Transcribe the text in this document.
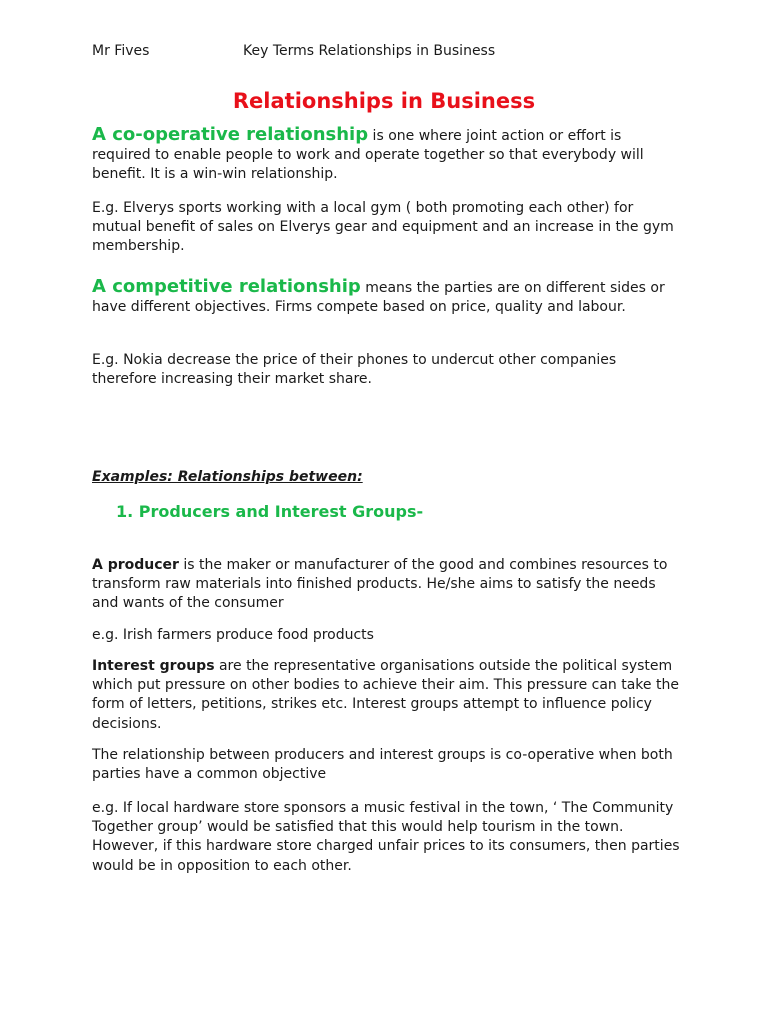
Mr Fives	Key Terms Relationships in Business
Relationships in Business
A co-operative relationship is one where joint action or effort is required to enable people to work and operate together so that everybody will benefit. It is a win-win relationship.
E.g. Elverys sports working with a local gym ( both promoting each other) for mutual benefit of sales on Elverys gear and equipment and an increase in the gym membership.
A competitive relationship means the parties are on different sides or have different objectives. Firms compete based on price, quality and labour.
E.g. Nokia decrease the price of their phones to undercut other companies therefore increasing their market share.
Examples: Relationships between:
1. Producers and Interest Groups-
A producer is the maker or manufacturer of the good and combines resources to transform raw materials into finished products. He/she aims to satisfy the needs and wants of the consumer
e.g. Irish farmers produce food products
Interest groups are the representative organisations outside the political system which put pressure on other bodies to achieve their aim. This pressure can take the form of letters, petitions, strikes etc. Interest groups attempt to influence policy decisions.
The relationship between producers and interest groups is co-operative when both parties have a common objective
e.g. If local hardware store sponsors a music festival in the town, ‘ The Community Together group’ would be satisfied that this would help tourism in the town. However, if this hardware store charged unfair prices to its consumers, then parties would be in opposition to each other.
